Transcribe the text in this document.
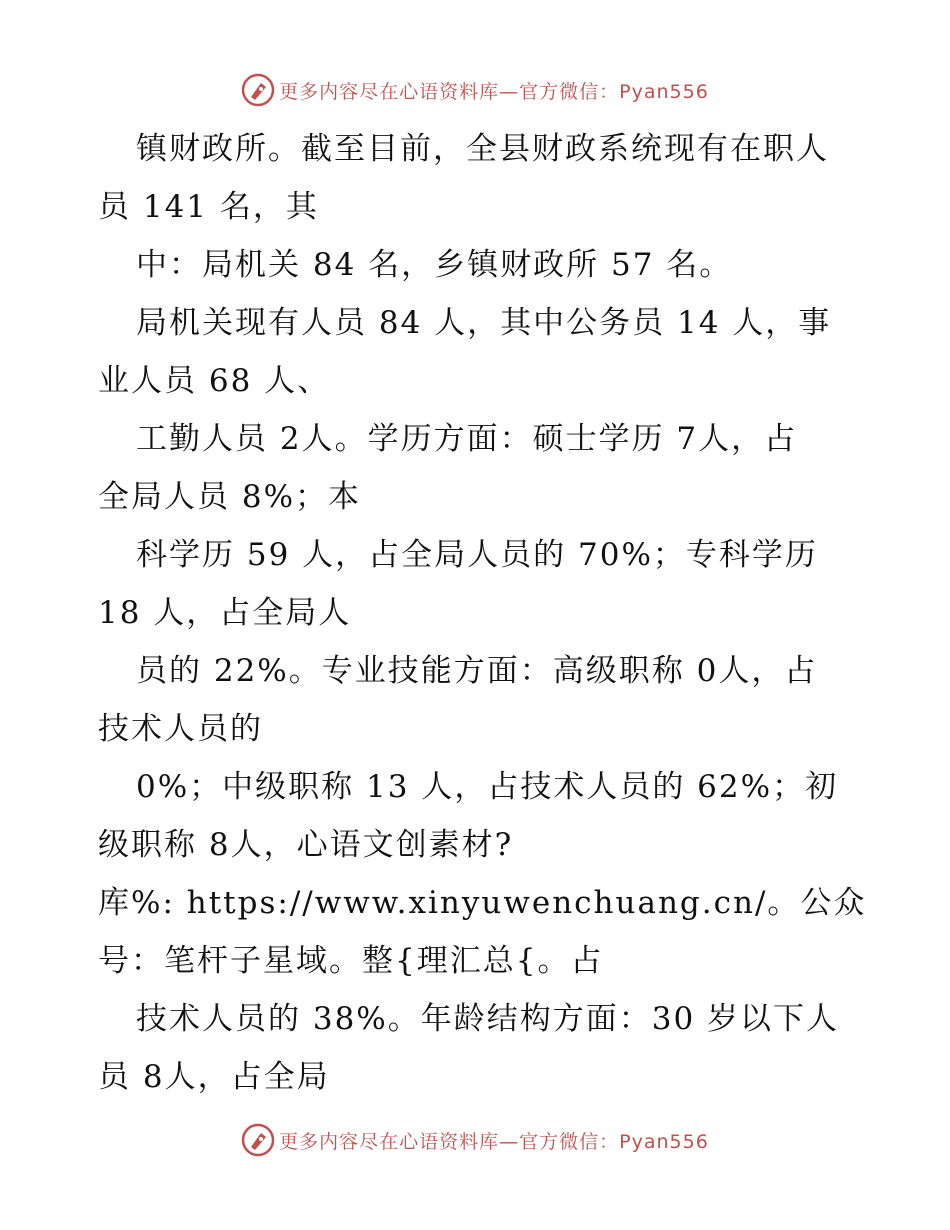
更多内容尽在心语资料库—官方微信：Pyan556

镇财政所。截至目前，全县财政系统现有在职人

员 141 名，其

中：局机关 84 名，乡镇财政所 57 名。

局机关现有人员 84 人，其中公务员 14 人，事

业人员 68 人、

工勤人员 2人。学历方面：硕士学历 7人，占

全局人员 8%；本

科学历 59 人，占全局人员的 70%；专科学历

18 人，占全局人

员的 22%。专业技能方面：高级职称 0人，占

技术人员的

0%；中级职称 13 人，占技术人员的 62%；初

级职称 8人，心语文创素材?

库%: https://www.xinyuwenchuang.cn/。公众

号：笔杆子星域。整{理汇总{。占

技术人员的 38%。年龄结构方面：30 岁以下人

员 8人，占全局

更多内容尽在心语资料库—官方微信：Pyan556
